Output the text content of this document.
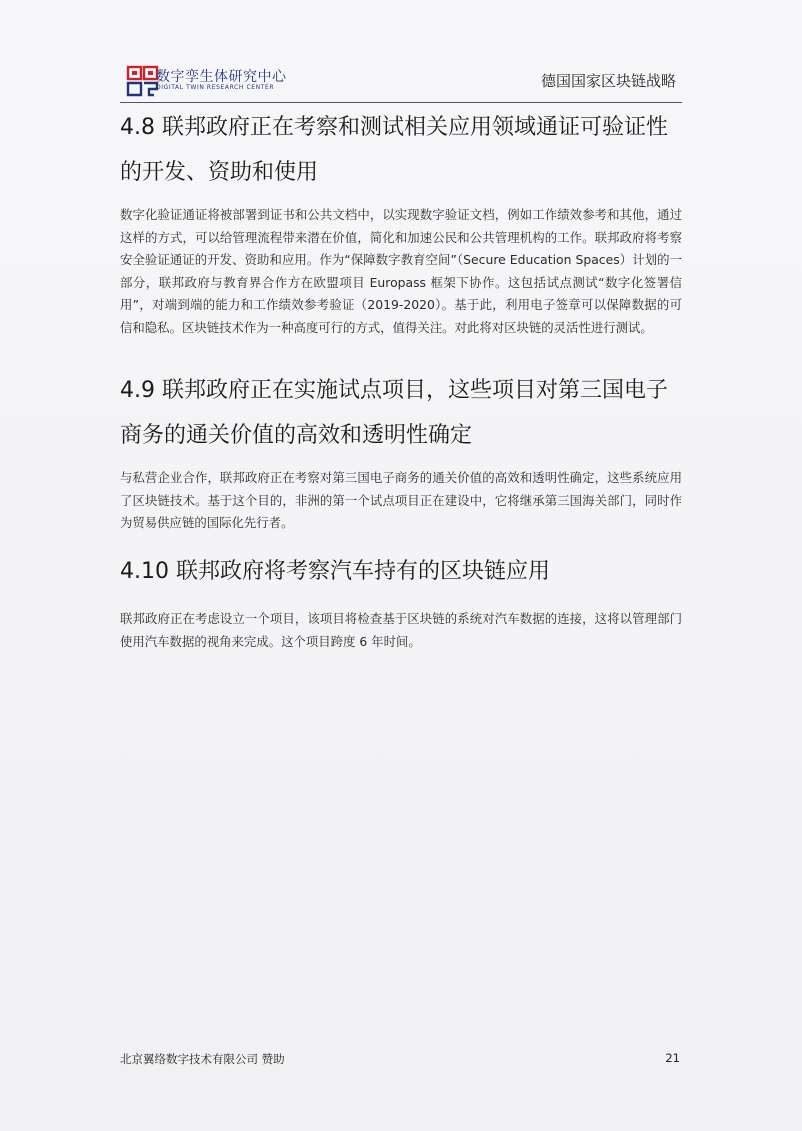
数字孪生体研究中心
DIGITAL TWIN RESEARCH CENTER	德国国家区块链战略
4.8 联邦政府正在考察和测试相关应用领域通证可验证性的开发、资助和使用
数字化验证通证将被部署到证书和公共文档中，以实现数字验证文档，例如工作绩效参考和其他，通过这样的方式，可以给管理流程带来潜在价值，简化和加速公民和公共管理机构的工作。联邦政府将考察安全验证通证的开发、资助和应用。作为“保障数字教育空间”（Secure Education Spaces）计划的一部分，联邦政府与教育界合作方在欧盟项目 Europass 框架下协作。这包括试点测试“数字化签署信用”，对端到端的能力和工作绩效参考验证（2019-2020）。基于此，利用电子签章可以保障数据的可信和隐私。区块链技术作为一种高度可行的方式，值得关注。对此将对区块链的灵活性进行测试。
4.9 联邦政府正在实施试点项目，这些项目对第三国电子商务的通关价值的高效和透明性确定
与私营企业合作，联邦政府正在考察对第三国电子商务的通关价值的高效和透明性确定，这些系统应用了区块链技术。基于这个目的，非洲的第一个试点项目正在建设中，它将继承第三国海关部门，同时作为贸易供应链的国际化先行者。
4.10 联邦政府将考察汽车持有的区块链应用
联邦政府正在考虑设立一个项目，该项目将检查基于区块链的系统对汽车数据的连接，这将以管理部门使用汽车数据的视角来完成。这个项目跨度 6 年时间。
北京翼络数字技术有限公司 赞助	21
